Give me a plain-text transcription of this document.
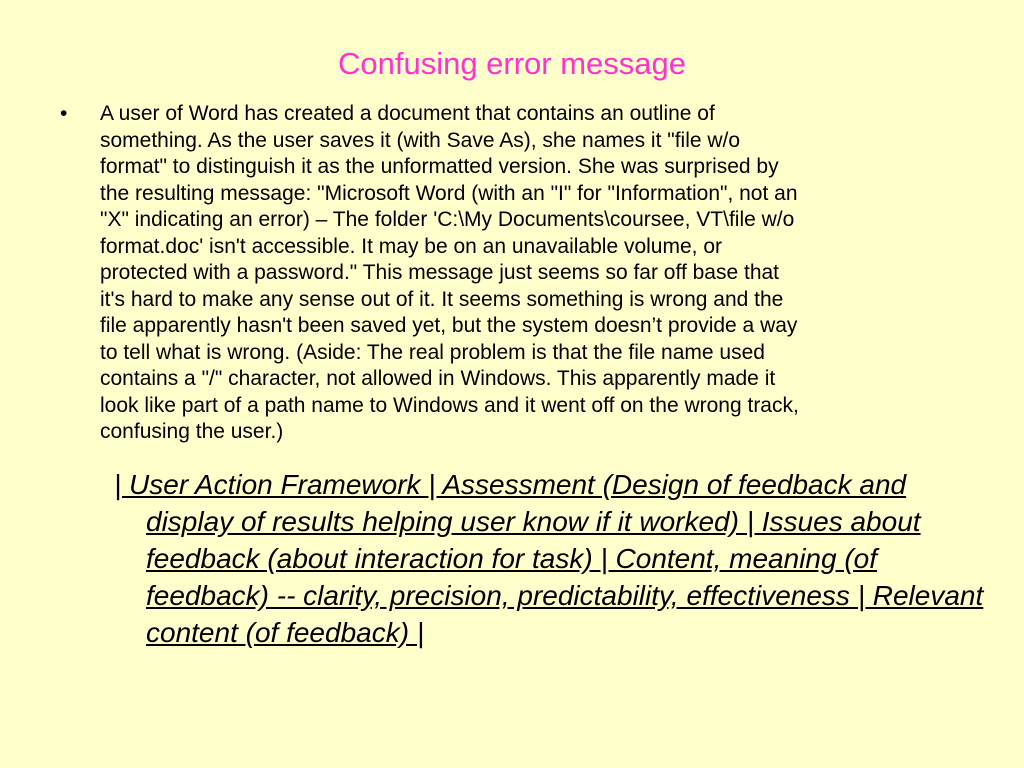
Confusing error message
•	A user of Word has created a document that contains an outline of
something. As the user saves it (with Save As), she names it "file w/o
format" to distinguish it as the unformatted version. She was surprised by
the resulting message: "Microsoft Word (with an "I" for "Information", not an
"X" indicating an error) – The folder 'C:\My Documents\coursee, VT\file w/o
format.doc' isn't accessible. It may be on an unavailable volume, or
protected with a password." This message just seems so far off base that
it's hard to make any sense out of it. It seems something is wrong and the
file apparently hasn't been saved yet, but the system doesn’t provide a way
to tell what is wrong. (Aside: The real problem is that the file name used
contains a "/" character, not allowed in Windows. This apparently made it
look like part of a path name to Windows and it went off on the wrong track,
confusing the user.)
| User Action Framework | Assessment (Design of feedback and display of results helping user know if it worked) | Issues about feedback (about interaction for task) | Content, meaning (of feedback) -- clarity, precision, predictability, effectiveness | Relevant content (of feedback) |
